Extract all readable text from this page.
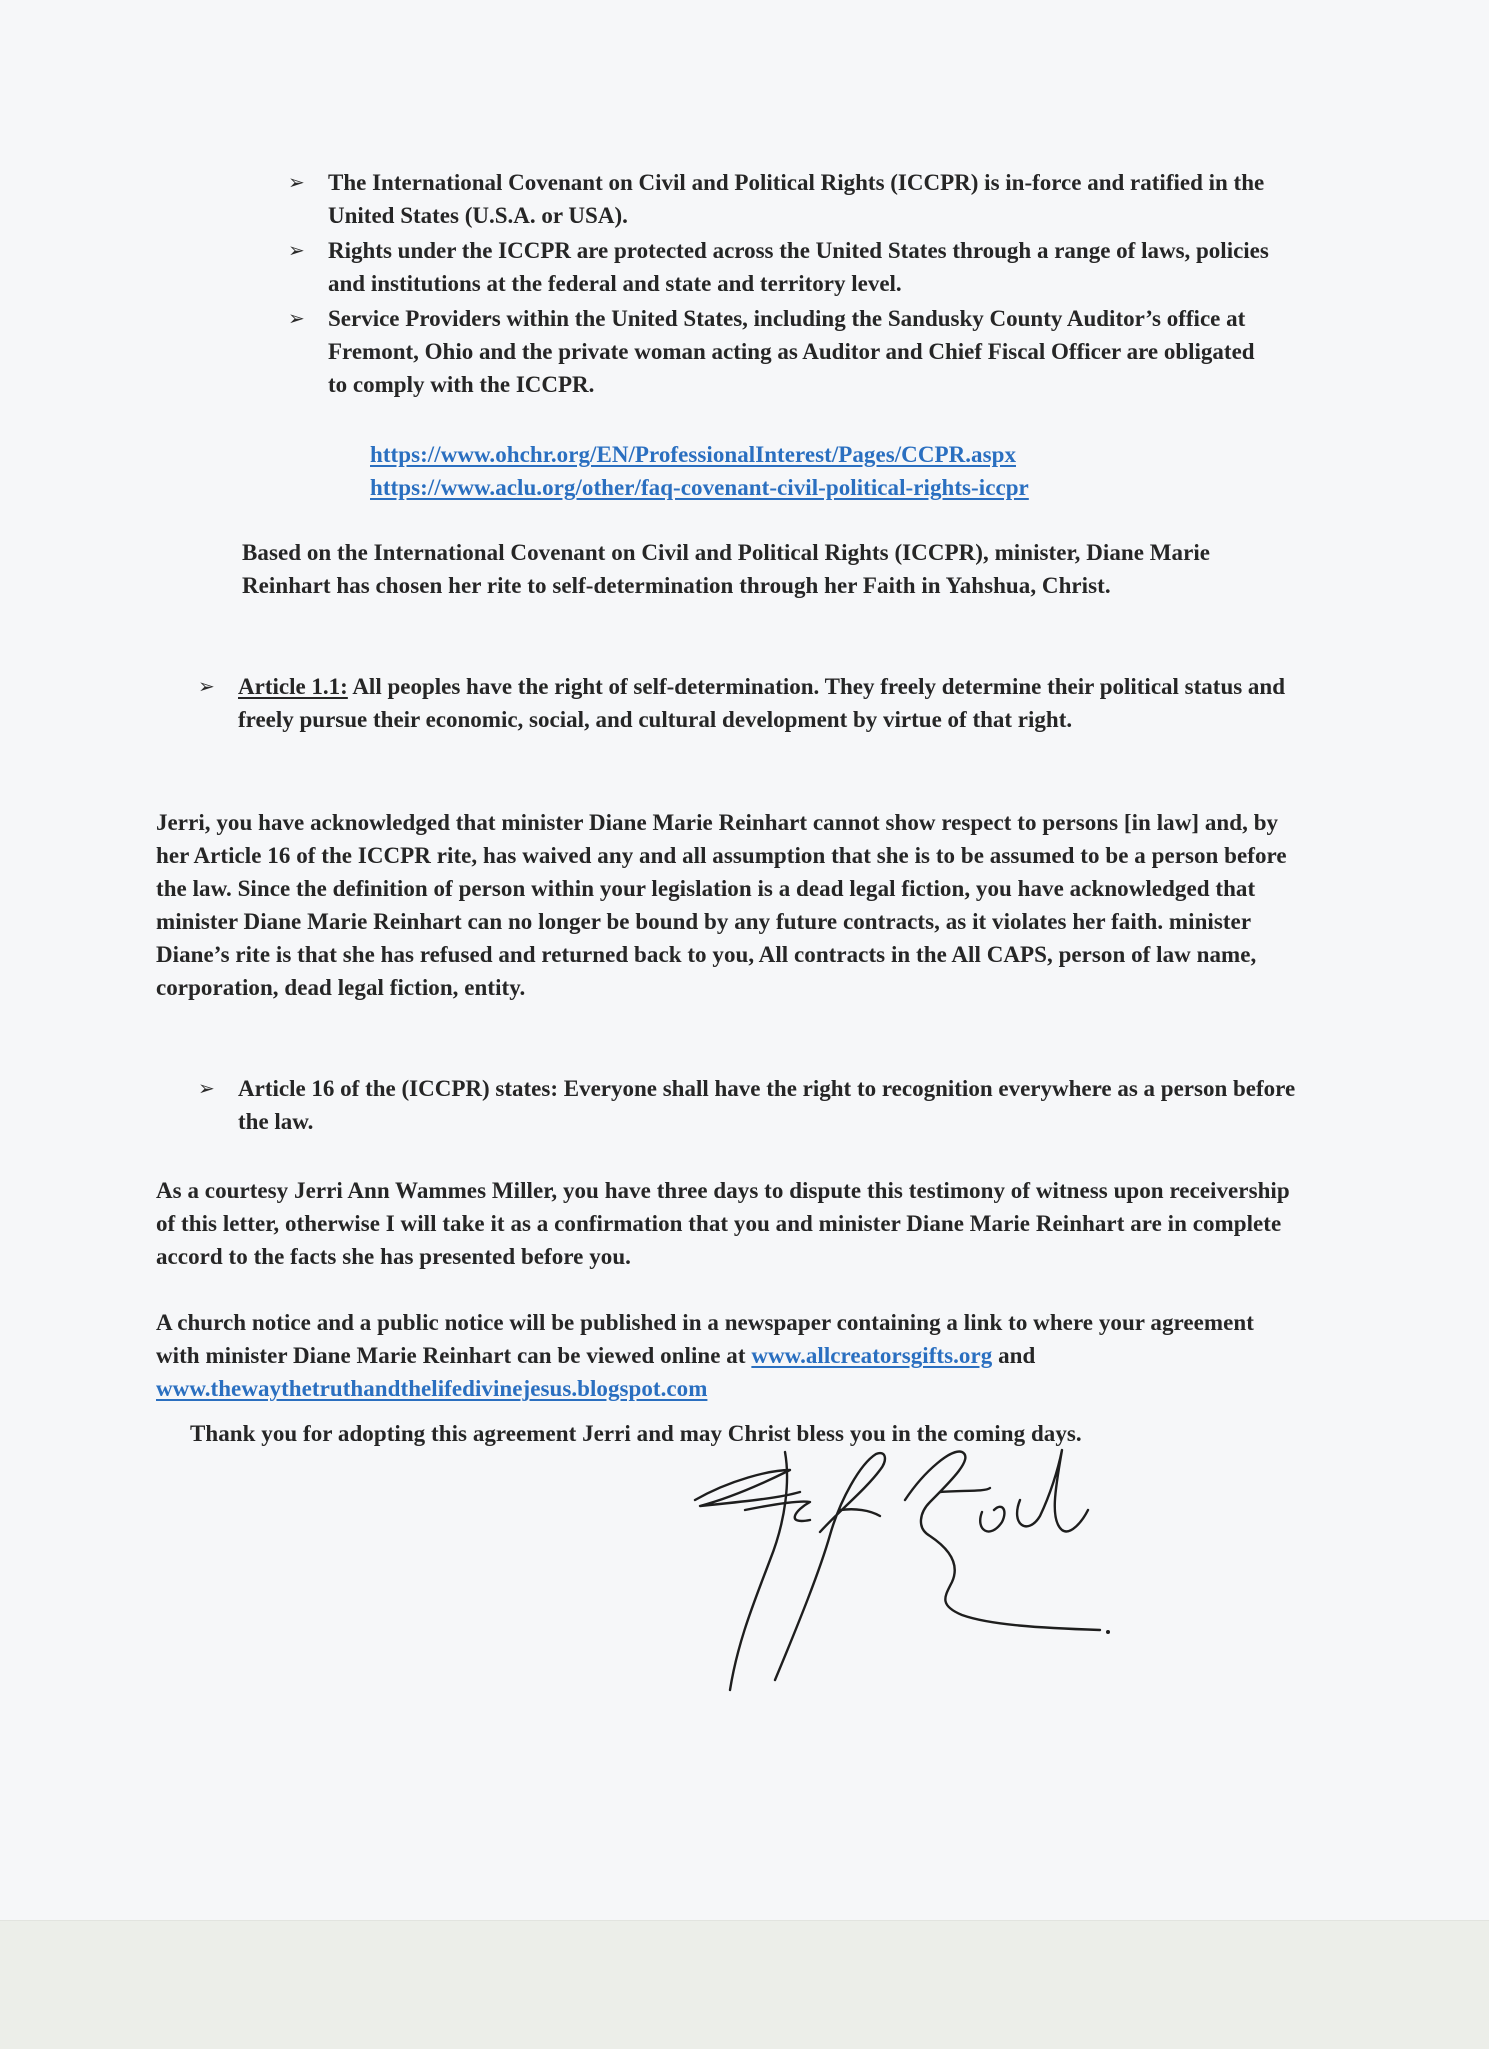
➢	The International Covenant on Civil and Political Rights (ICCPR) is in-force and ratified in the United States (U.S.A. or USA).
➢	Rights under the ICCPR are protected across the United States through a range of laws, policies and institutions at the federal and state and territory level.
➢	Service Providers within the United States, including the Sandusky County Auditor’s office at Fremont, Ohio and the private woman acting as Auditor and Chief Fiscal Officer are obligated to comply with the ICCPR.
https://www.ohchr.org/EN/ProfessionalInterest/Pages/CCPR.aspx
https://www.aclu.org/other/faq-covenant-civil-political-rights-iccpr
Based on the International Covenant on Civil and Political Rights (ICCPR), minister, Diane Marie Reinhart has chosen her rite to self-determination through her Faith in Yahshua, Christ.
➢	Article 1.1: All peoples have the right of self-determination. They freely determine their political status and freely pursue their economic, social, and cultural development by virtue of that right.
Jerri, you have acknowledged that minister Diane Marie Reinhart cannot show respect to persons [in law] and, by her Article 16 of the ICCPR rite, has waived any and all assumption that she is to be assumed to be a person before the law. Since the definition of person within your legislation is a dead legal fiction, you have acknowledged that minister Diane Marie Reinhart can no longer be bound by any future contracts, as it violates her faith. minister Diane’s rite is that she has refused and returned back to you, All contracts in the All CAPS, person of law name, corporation, dead legal fiction, entity.
➢	Article 16 of the (ICCPR) states: Everyone shall have the right to recognition everywhere as a person before the law.
As a courtesy Jerri Ann Wammes Miller, you have three days to dispute this testimony of witness upon receivership of this letter, otherwise I will take it as a confirmation that you and minister Diane Marie Reinhart are in complete accord to the facts she has presented before you.
A church notice and a public notice will be published in a newspaper containing a link to where your agreement with minister Diane Marie Reinhart can be viewed online at www.allcreatorsgifts.org and www.thewaythetruthandthelifedivinejesus.blogspot.com
Thank you for adopting this agreement Jerri and may Christ bless you in the coming days.
